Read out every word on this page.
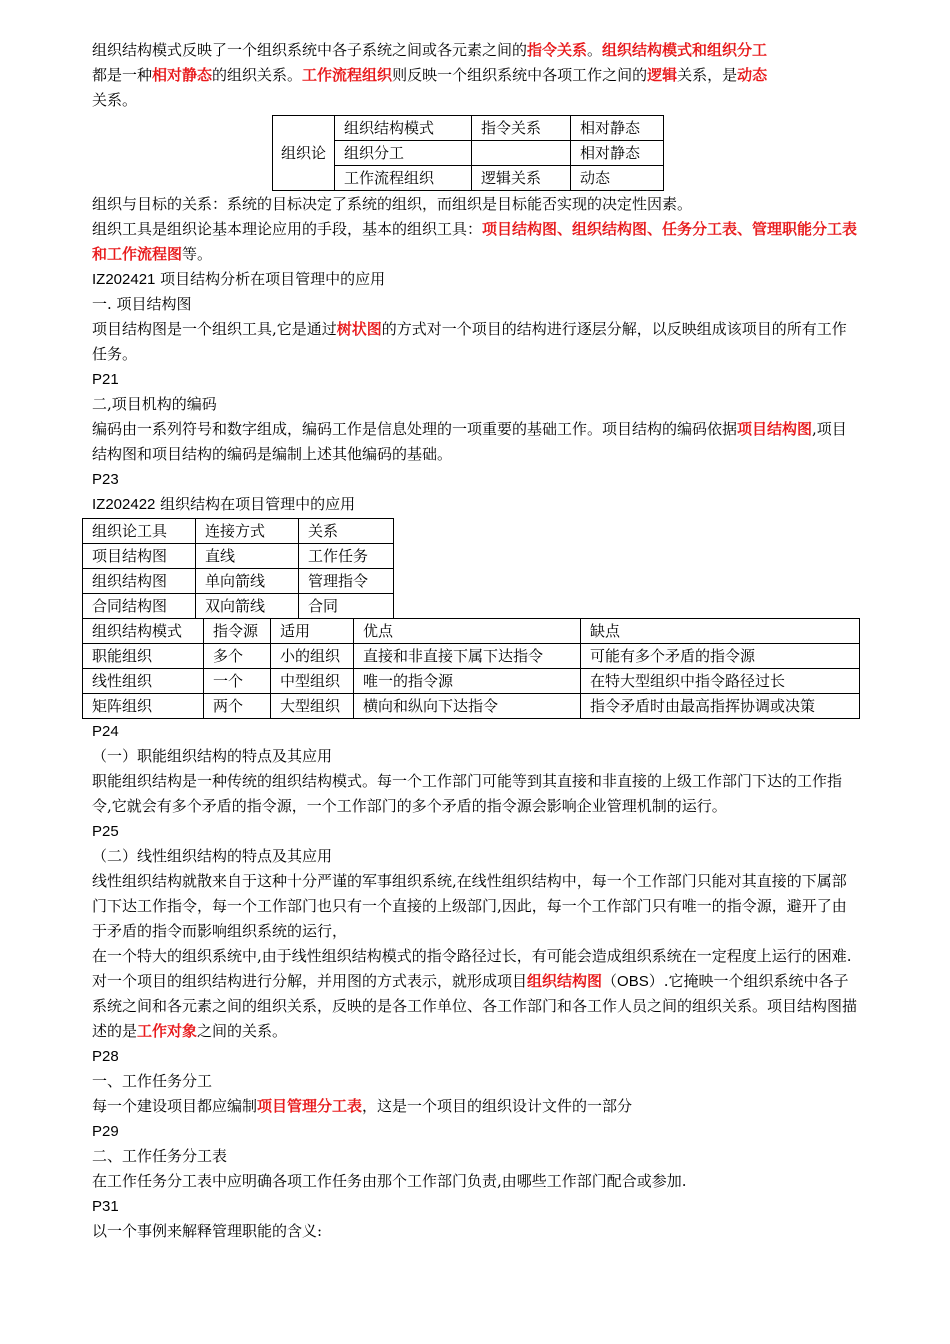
组织结构模式反映了一个组织系统中各子系统之间或各元素之间的指令关系。组织结构模式和组织分工
都是一种相对静态的组织关系。工作流程组织则反映一个组织系统中各项工作之间的逻辑关系，是动态
关系。

组织论	组织结构模式	指令关系	相对静态
	组织分工		相对静态
	工作流程组织	逻辑关系	动态

组织与目标的关系：系统的目标决定了系统的组织，而组织是目标能否实现的决定性因素。

组织工具是组织论基本理论应用的手段，基本的组织工具：项目结构图、组织结构图、任务分工表、管理职能分工表和工作流程图等。

IZ202421 项目结构分析在项目管理中的应用

一. 项目结构图

项目结构图是一个组织工具,它是通过树状图的方式对一个项目的结构进行逐层分解，以反映组成该项目的所有工作任务。

P21

二,项目机构的编码

编码由一系列符号和数字组成，编码工作是信息处理的一项重要的基础工作。项目结构的编码依据项目结构图,项目结构图和项目结构的编码是编制上述其他编码的基础。

P23

IZ202422 组织结构在项目管理中的应用

组织论工具	连接方式	关系
项目结构图	直线	工作任务
组织结构图	单向箭线	管理指令
合同结构图	双向箭线	合同
组织结构模式	指令源	适用	优点	缺点
职能组织	多个	小的组织	直接和非直接下属下达指令	可能有多个矛盾的指令源
线性组织	一个	中型组织	唯一的指令源	在特大型组织中指令路径过长
矩阵组织	两个	大型组织	横向和纵向下达指令	指令矛盾时由最高指挥协调或决策

P24

（一）职能组织结构的特点及其应用

职能组织结构是一种传统的组织结构模式。每一个工作部门可能等到其直接和非直接的上级工作部门下达的工作指令,它就会有多个矛盾的指令源，一个工作部门的多个矛盾的指令源会影响企业管理机制的运行。

P25

（二）线性组织结构的特点及其应用

线性组织结构就散来自于这种十分严谨的军事组织系统,在线性组织结构中，每一个工作部门只能对其直接的下属部门下达工作指令，每一个工作部门也只有一个直接的上级部门,因此，每一个工作部门只有唯一的指令源，避开了由于矛盾的指令而影响组织系统的运行，

在一个特大的组织系统中,由于线性组织结构模式的指令路径过长，有可能会造成组织系统在一定程度上运行的困难.

对一个项目的组织结构进行分解，并用图的方式表示，就形成项目组织结构图（OBS）.它掩映一个组织系统中各子系统之间和各元素之间的组织关系，反映的是各工作单位、各工作部门和各工作人员之间的组织关系。项目结构图描述的是工作对象之间的关系。

P28

一、工作任务分工

每一个建设项目都应编制项目管理分工表，这是一个项目的组织设计文件的一部分

P29

二、工作任务分工表

在工作任务分工表中应明确各项工作任务由那个工作部门负责,由哪些工作部门配合或参加.

P31

以一个事例来解释管理职能的含义:
